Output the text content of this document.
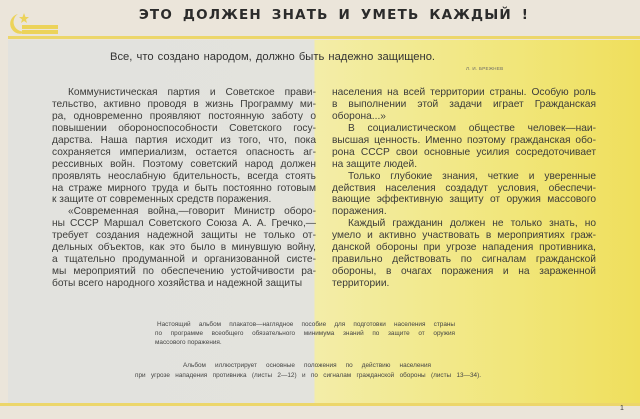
ЭТО ДОЛЖЕН ЗНАТЬ И УМЕТЬ КАЖДЫЙ !
Все, что создано народом, должно быть надежно защищено.
Л. И. БРЕЖНЕВ
Коммунистическая партия и Советское прави-
тельство, активно проводя в жизнь Программу ми-
ра, одновременно проявляют постоянную заботу о
повышении обороноспособности Советского госу-
дарства. Наша партия исходит из того, что, пока
сохраняется империализм, остается опасность аг-
рессивных войн. Поэтому советский народ должен
проявлять неослабную бдительность, всегда стоять
на страже мирного труда и быть постоянно готовым
к защите от современных средств поражения.
«Современная война,—говорит Министр оборо-
ны СССР Маршал Советского Союза А. А. Гречко,—
требует создания надежной защиты не только от-
дельных объектов, как это было в минувшую войну,
а тщательно продуманной и организованной систе-
мы мероприятий по обеспечению устойчивости ра-
боты всего народного хозяйства и надежной защиты
населения на всей территории страны. Особую роль
в выполнении этой задачи играет Гражданская
оборона...»
В социалистическом обществе человек—наи-
высшая ценность. Именно поэтому гражданская обо-
рона СССР свои основные усилия сосредоточивает
на защите людей.
Только глубокие знания, четкие и уверенные
действия населения создадут условия, обеспечи-
вающие эффективную защиту от оружия массового
поражения.
Каждый гражданин должен не только знать, но
умело и активно участвовать в мероприятиях граж-
данской обороны при угрозе нападения противника,
правильно действовать по сигналам гражданской
обороны, в очагах поражения и на зараженной
территории.
Настоящий альбом плакатов—наглядное пособие для подготовки населения страны
по программе всеобщего обязательного минимума знаний по защите от оружия
массового поражения.
Альбом иллюстрирует основные положения по действию населения
при угрозе нападения противника (листы 2—12) и по сигналам гражданской обороны (листы 13—34).
1
